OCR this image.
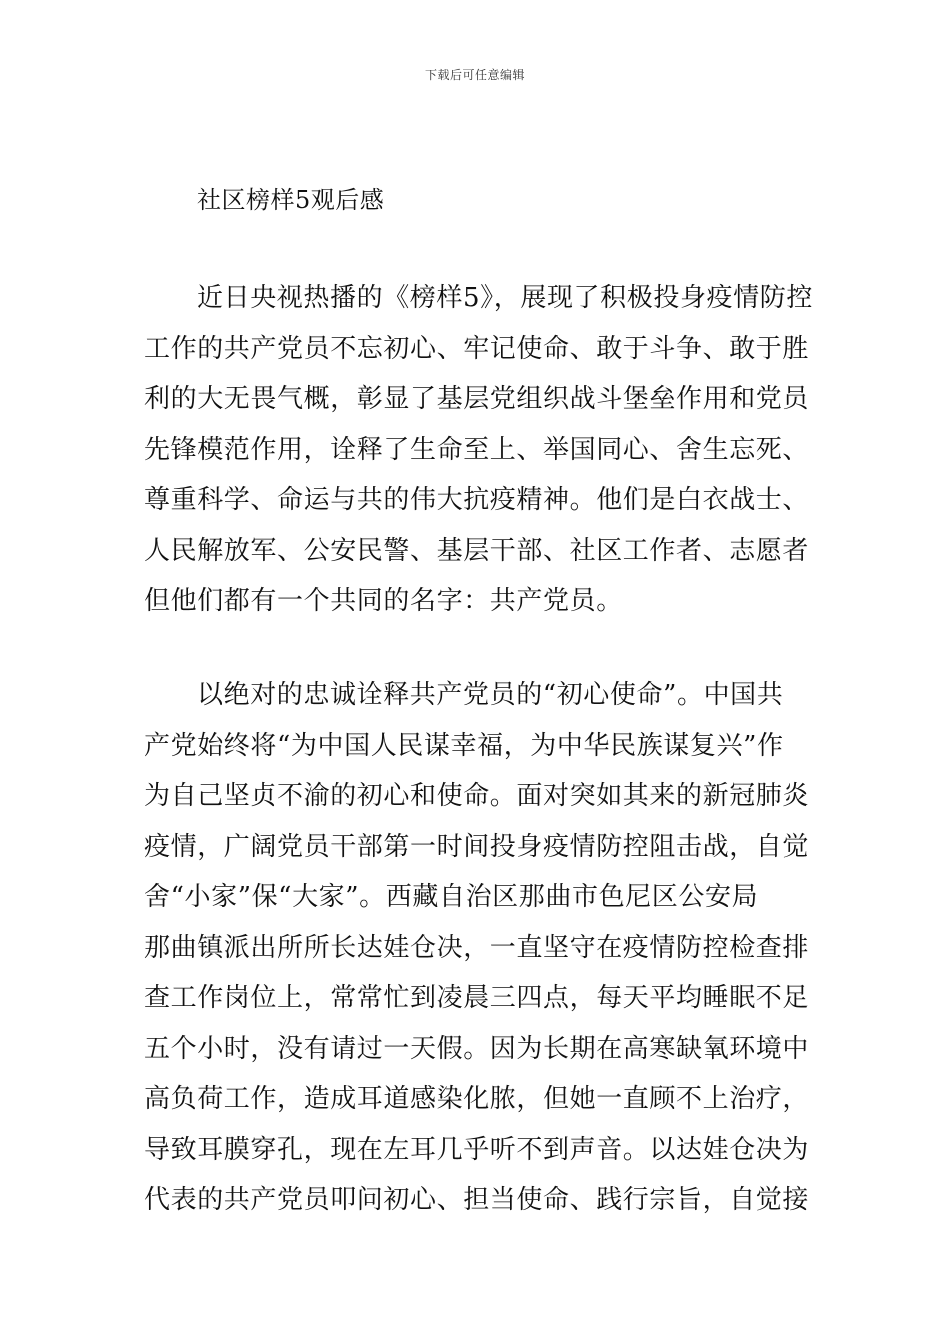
下载后可任意编辑
社区榜样5观后感
近日央视热播的《榜样5》，展现了积极投身疫情防控
工作的共产党员不忘初心、牢记使命、敢于斗争、敢于胜
利的大无畏气概，彰显了基层党组织战斗堡垒作用和党员
先锋模范作用，诠释了生命至上、举国同心、舍生忘死、
尊重科学、命运与共的伟大抗疫精神。他们是白衣战士、
人民解放军、公安民警、基层干部、社区工作者、志愿者
但他们都有一个共同的名字：共产党员。
以绝对的忠诚诠释共产党员的“初心使命”。中国共
产党始终将“为中国人民谋幸福，为中华民族谋复兴”作
为自己坚贞不渝的初心和使命。面对突如其来的新冠肺炎
疫情，广阔党员干部第一时间投身疫情防控阻击战，自觉
舍“小家”保“大家”。西藏自治区那曲市色尼区公安局
那曲镇派出所所长达娃仓决，一直坚守在疫情防控检查排
查工作岗位上，常常忙到凌晨三四点，每天平均睡眠不足
五个小时，没有请过一天假。因为长期在高寒缺氧环境中
高负荷工作，造成耳道感染化脓，但她一直顾不上治疗，
导致耳膜穿孔，现在左耳几乎听不到声音。以达娃仓决为
代表的共产党员叩问初心、担当使命、践行宗旨，自觉接
